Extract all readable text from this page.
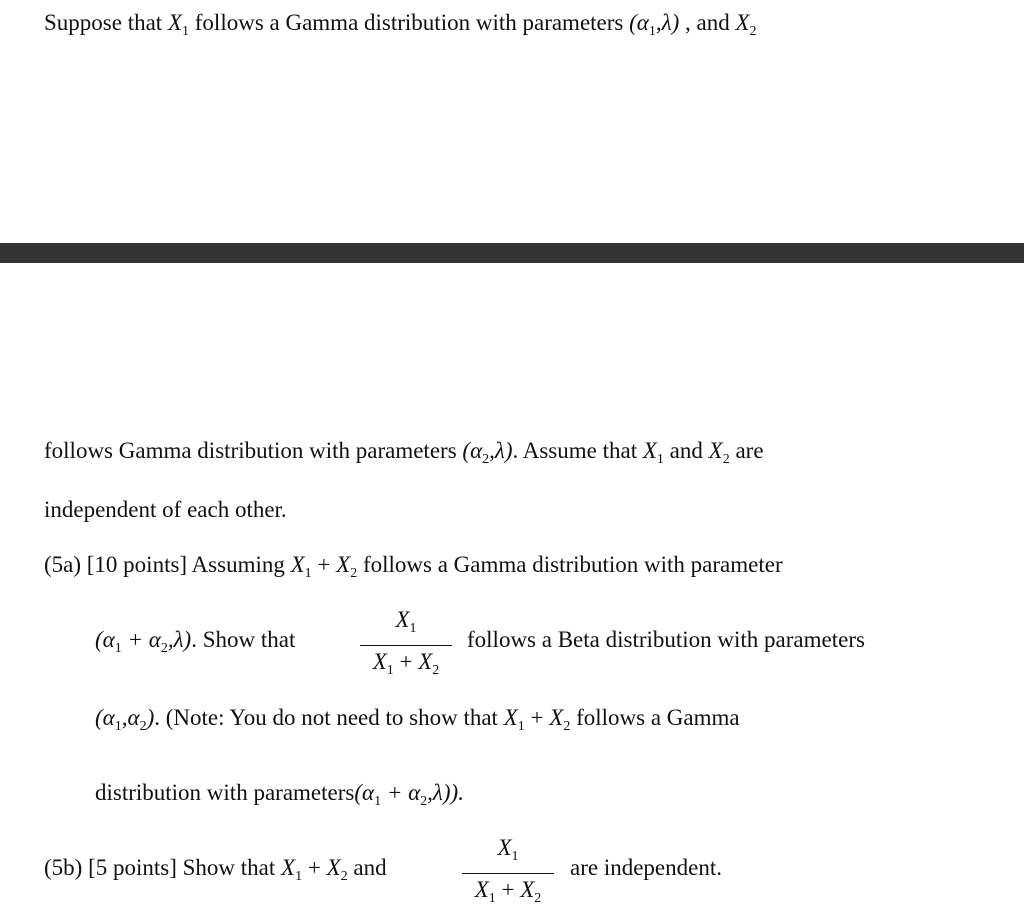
Suppose that $X_1$ follows a Gamma distribution with parameters $(\alpha_1,\lambda)$ , and $X_2$
follows Gamma distribution with parameters $(\alpha_2,\lambda)$. Assume that $X_1$ and $X_2$ are
independent of each other.
(5a) [10 points] Assuming $X_1 + X_2$ follows a Gamma distribution with parameter
$(\alpha_1 + \alpha_2,\lambda)$. Show that
$X_1$
$X_1 + X_2$
follows a Beta distribution with parameters
$(\alpha_1,\alpha_2)$. (Note: You do not need to show that $X_1 + X_2$ follows a Gamma
distribution with $parameters(\alpha_1 + \alpha_2,\lambda)$).
(5b) [5 points] Show that $X_1 + X_2$ and
$X_1$
$X_1 + X_2$
are independent.
